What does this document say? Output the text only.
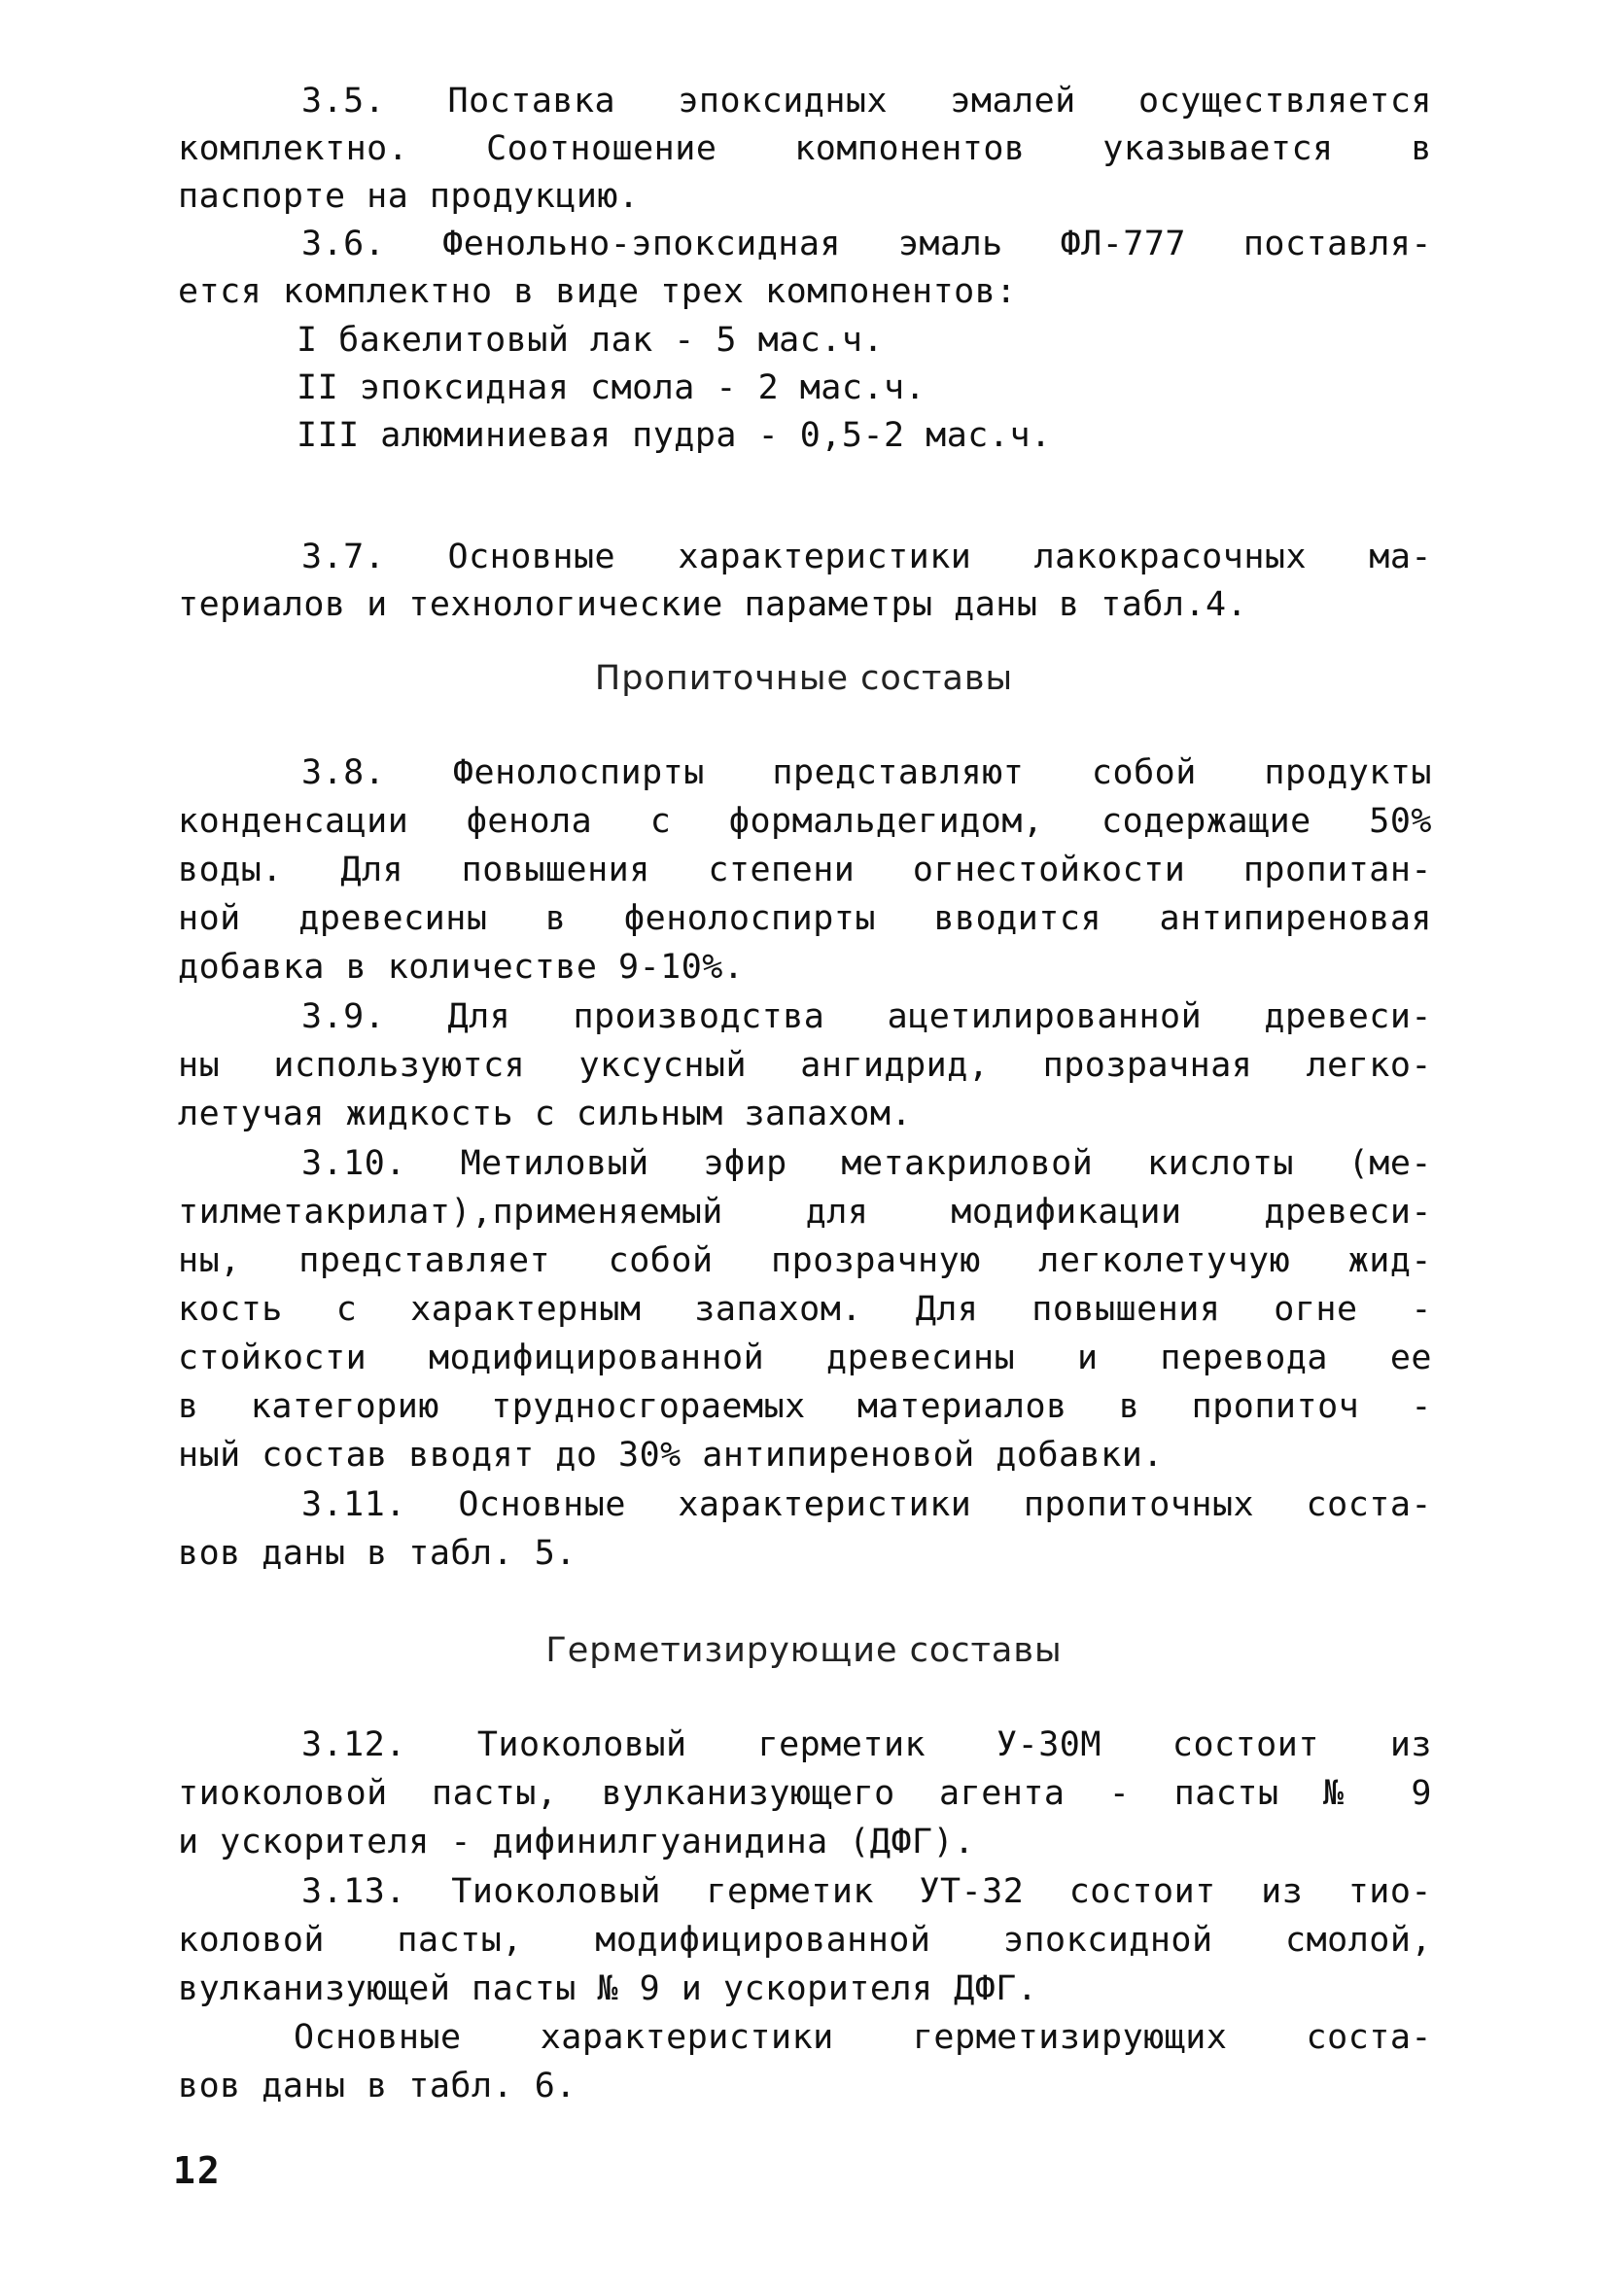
3.5. Поставка эпоксидных эмалей осуществляется
комплектно. Соотношение компонентов указывается в
паспорте на продукцию.
3.6. Фенольно-эпоксидная эмаль ФЛ-777 поставля-
ется комплектно в виде трех компонентов:
I бакелитовый лак - 5 мас.ч.
II эпоксидная смола - 2 мас.ч.
III алюминиевая пудра - 0,5-2 мас.ч.
3.7. Основные характеристики лакокрасочных ма-
териалов и технологические параметры даны в табл.4.
Пропиточные составы
3.8. Фенолоспирты представляют собой продукты
конденсации фенола с формальдегидом, содержащие 50%
воды. Для повышения степени огнестойкости пропитан-
ной древесины в фенолоспирты вводится антипиреновая
добавка в количестве 9-10%.
3.9. Для производства ацетилированной древеси-
ны используются уксусный ангидрид, прозрачная легко-
летучая жидкость с сильным запахом.
3.10. Метиловый эфир метакриловой кислоты (ме-
тилметакрилат),применяемый для модификации древеси-
ны, представляет собой прозрачную легколетучую жид-
кость с характерным запахом. Для повышения огне -
стойкости модифицированной древесины и перевода ее
в категорию трудносгораемых материалов в пропиточ -
ный состав вводят до 30% антипиреновой добавки.
3.11. Основные характеристики пропиточных соста-
вов даны в табл. 5.
Герметизирующие составы
3.12. Тиоколовый герметик У-30М состоит из
тиоколовой пасты, вулканизующего агента - пасты № 9
и ускорителя - дифинилгуанидина (ДФГ).
3.13. Тиоколовый герметик УТ-32 состоит из тио-
коловой пасты, модифицированной эпоксидной смолой,
вулканизующей пасты № 9 и ускорителя ДФГ.
Основные характеристики герметизирующих соста-
вов даны в табл. 6.
12
